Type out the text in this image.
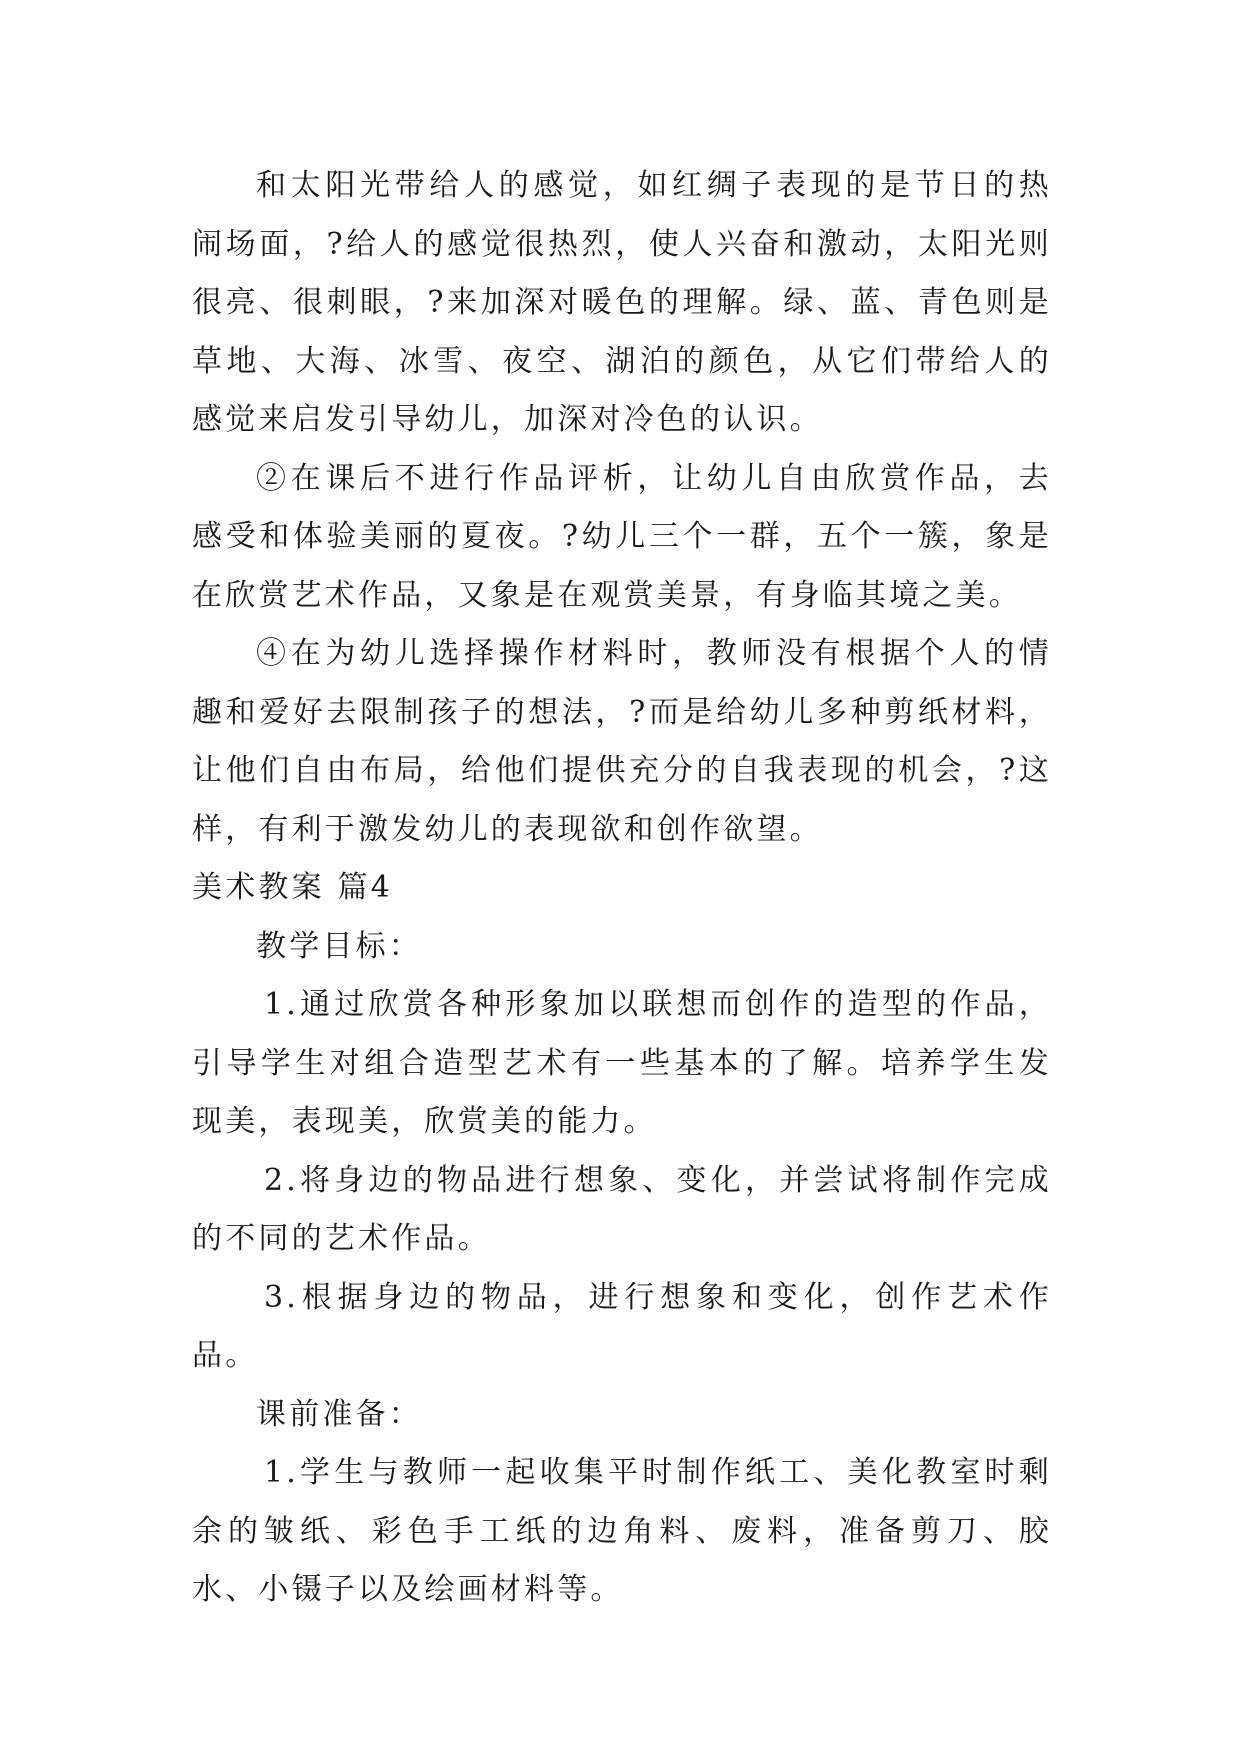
和太阳光带给人的感觉，如红绸子表现的是节日的热闹场面，?给人的感觉很热烈，使人兴奋和激动，太阳光则很亮、很刺眼，?来加深对暖色的理解。绿、蓝、青色则是草地、大海、冰雪、夜空、湖泊的颜色，从它们带给人的感觉来启发引导幼儿，加深对冷色的认识。

②在课后不进行作品评析，让幼儿自由欣赏作品，去感受和体验美丽的夏夜。?幼儿三个一群，五个一簇，象是在欣赏艺术作品，又象是在观赏美景，有身临其境之美。

④在为幼儿选择操作材料时，教师没有根据个人的情趣和爱好去限制孩子的想法，?而是给幼儿多种剪纸材料，让他们自由布局，给他们提供充分的自我表现的机会，?这样，有利于激发幼儿的表现欲和创作欲望。

美术教案 篇4

教学目标：

1.通过欣赏各种形象加以联想而创作的造型的作品，引导学生对组合造型艺术有一些基本的了解。培养学生发现美，表现美，欣赏美的能力。

2.将身边的物品进行想象、变化，并尝试将制作完成的不同的艺术作品。

3.根据身边的物品，进行想象和变化，创作艺术作品。

课前准备：

1.学生与教师一起收集平时制作纸工、美化教室时剩余的皱纸、彩色手工纸的边角料、废料，准备剪刀、胶水、小镊子以及绘画材料等。
